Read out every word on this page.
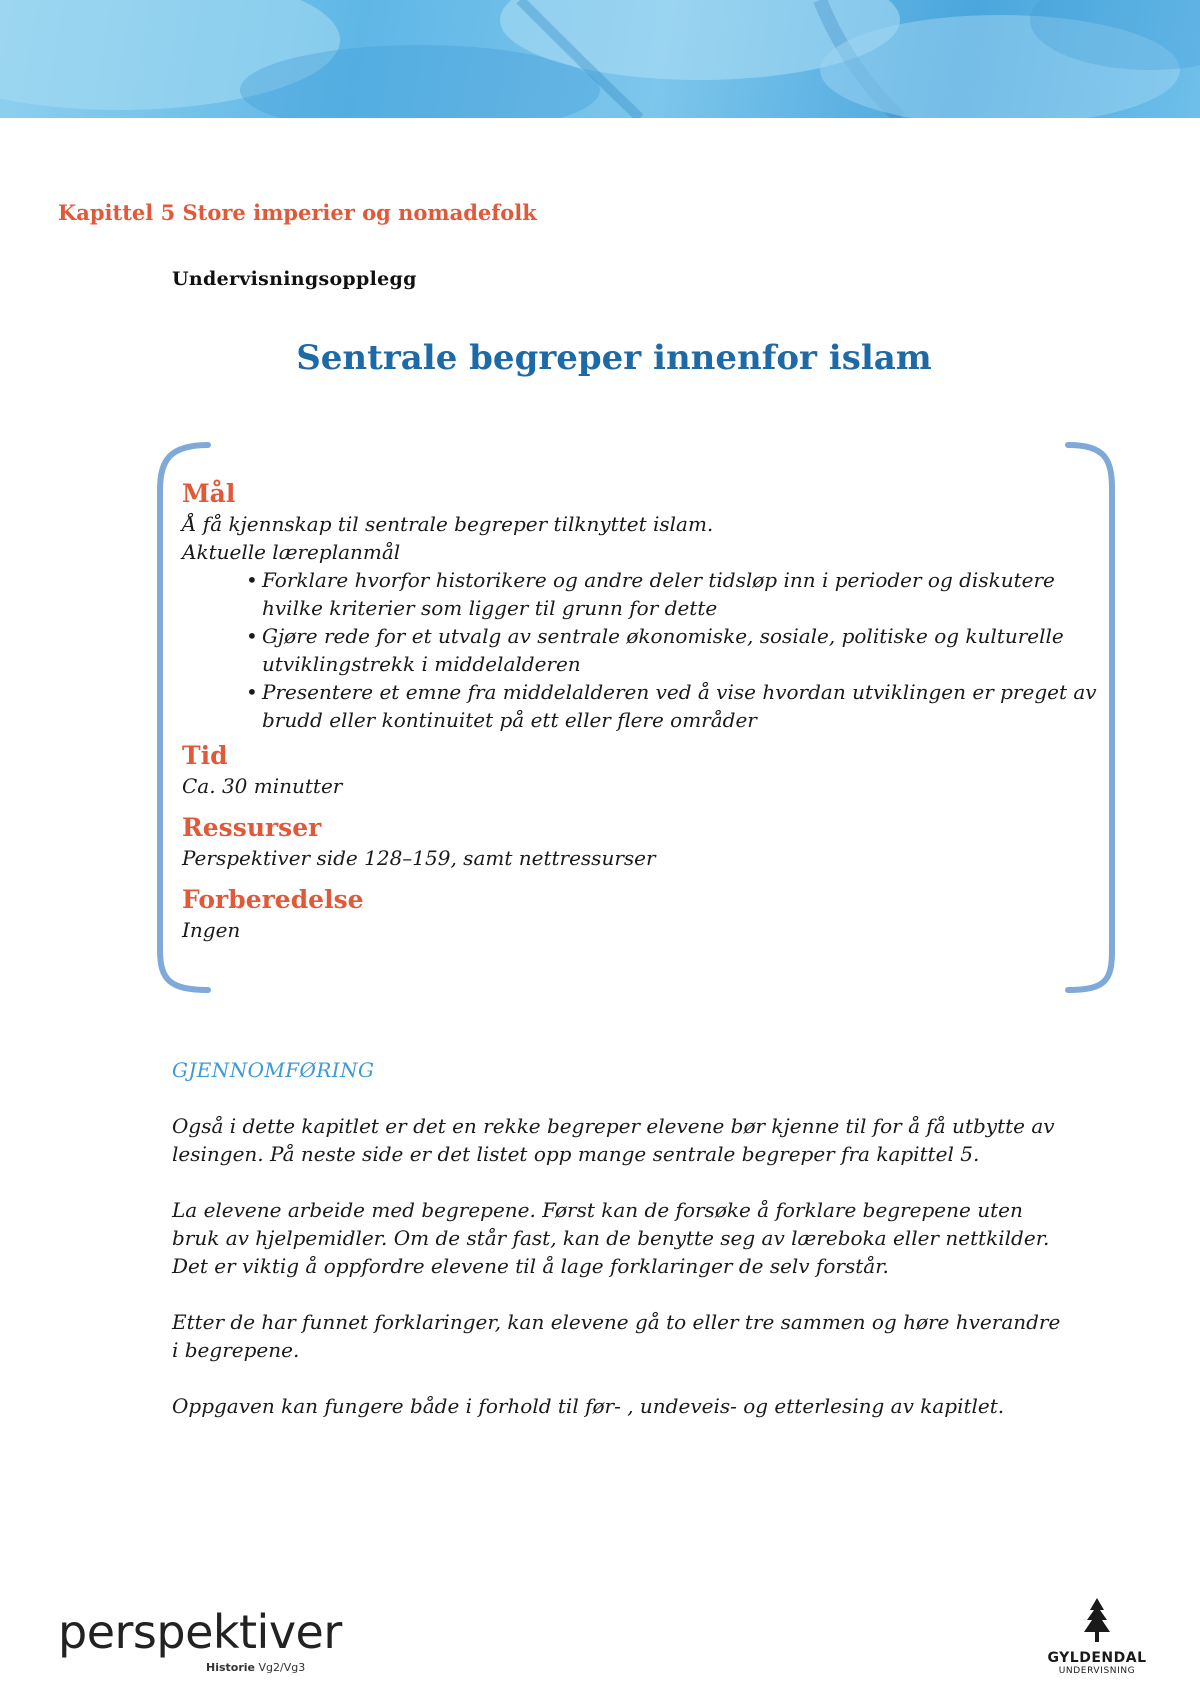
Kapittel 5 Store imperier og nomadefolk
Undervisningsopplegg
Sentrale begreper innenfor islam
Mål
Å få kjennskap til sentrale begreper tilknyttet islam.
Aktuelle læreplanmål
• Forklare hvorfor historikere og andre deler tidsløp inn i perioder og diskutere hvilke kriterier som ligger til grunn for dette
• Gjøre rede for et utvalg av sentrale økonomiske, sosiale, politiske og kulturelle utviklingstrekk i middelalderen
• Presentere et emne fra middelalderen ved å vise hvordan utviklingen er preget av brudd eller kontinuitet på ett eller flere områder
Tid
Ca. 30 minutter
Ressurser
Perspektiver side 128–159, samt nettressurser
Forberedelse
Ingen
GJENNOMFØRING

Også i dette kapitlet er det en rekke begreper elevene bør kjenne til for å få utbytte av lesingen. På neste side er det listet opp mange sentrale begreper fra kapittel 5.

La elevene arbeide med begrepene. Først kan de forsøke å forklare begrepene uten bruk av hjelpemidler. Om de står fast, kan de benytte seg av læreboka eller nettkilder. Det er viktig å oppfordre elevene til å lage forklaringer de selv forstår.

Etter de har funnet forklaringer, kan elevene gå to eller tre sammen og høre hverandre i begrepene.

Oppgaven kan fungere både i forhold til før- , undeveis- og etterlesing av kapitlet.

perspektiver
Historie Vg2/Vg3
GYLDENDAL
UNDERVISNING
